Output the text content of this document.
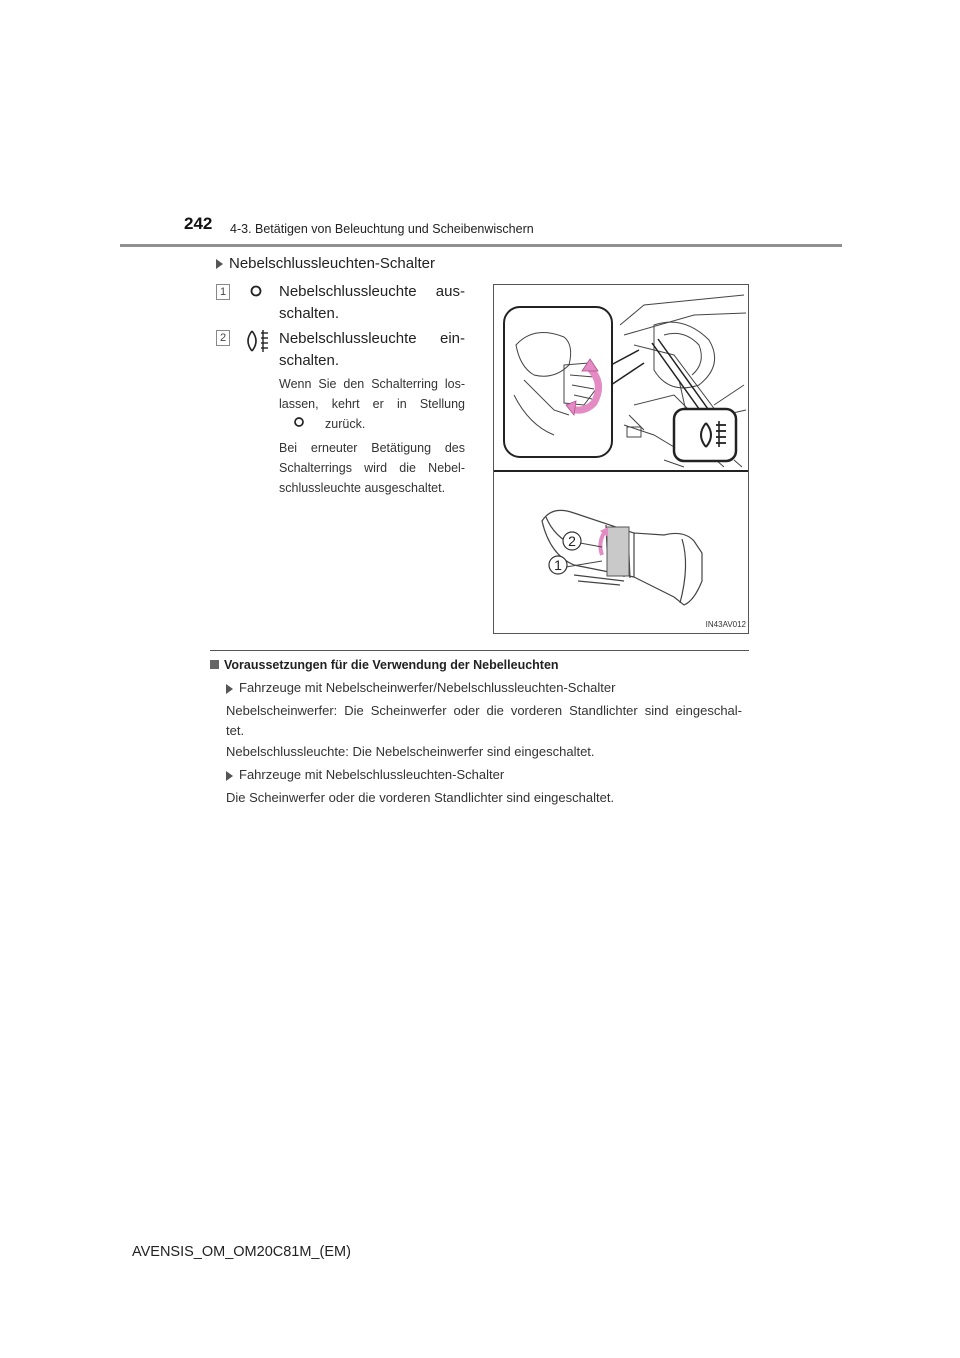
242 4-3. Betätigen von Beleuchtung und Scheibenwischern
Nebelschlussleuchten-Schalter
1	Nebelschlussleuchte aus-
schalten.
2	Nebelschlussleuchte ein-
schalten.
Wenn Sie den Schalterring los-
lassen, kehrt er in Stellung
zurück.
Bei erneuter Betätigung des
Schalterrings wird die Nebel-
schlussleuchte ausgeschaltet.
2
1
IN43AV012
Voraussetzungen für die Verwendung der Nebelleuchten
Fahrzeuge mit Nebelscheinwerfer/Nebelschlussleuchten-Schalter
Nebelscheinwerfer: Die Scheinwerfer oder die vorderen Standlichter sind eingeschal-
tet.
Nebelschlussleuchte: Die Nebelscheinwerfer sind eingeschaltet.
Fahrzeuge mit Nebelschlussleuchten-Schalter
Die Scheinwerfer oder die vorderen Standlichter sind eingeschaltet.
AVENSIS_OM_OM20C81M_(EM)
